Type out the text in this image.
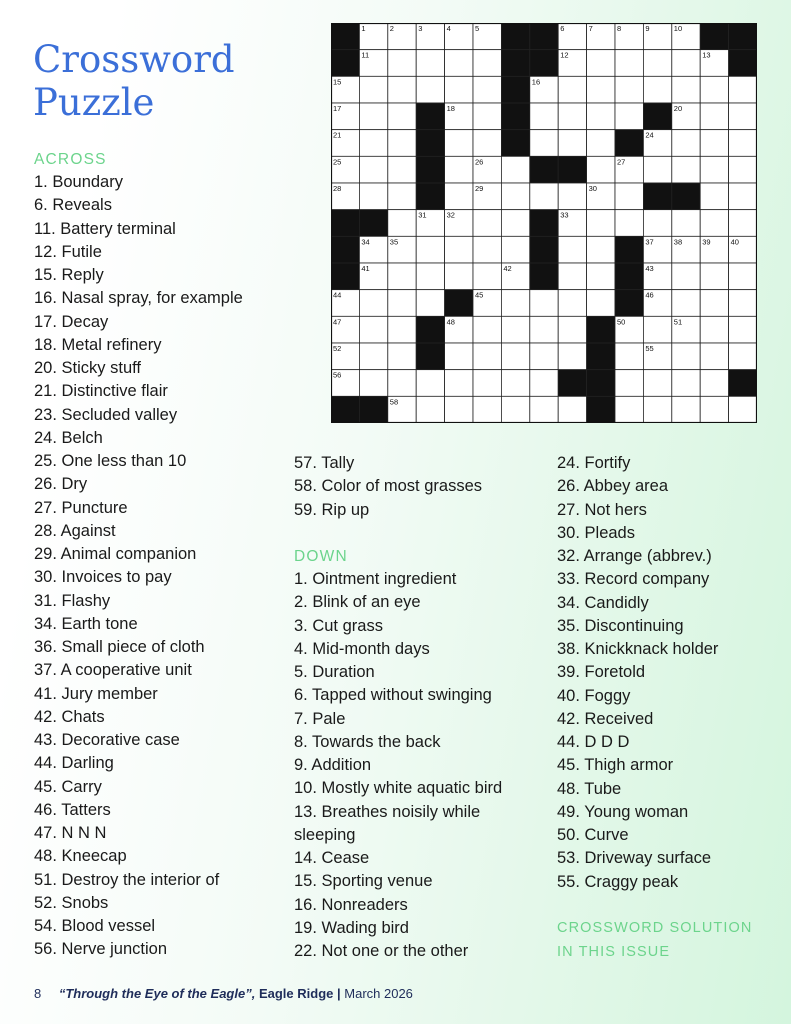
Crossword
Puzzle
1	2	3	4	5	6	7	8	9	10
11	12	13
15	16
17	18	20
21	24
25	26	27
28	29	30
31	32	33
34	35	37	38	39	40
41	42	43
44	45	46
47	48	50	51
52	55
56
58
ACROSS
1. Boundary
6. Reveals
11. Battery terminal
12. Futile
15. Reply
16. Nasal spray, for example
17. Decay
18. Metal refinery
20. Sticky stuff
21. Distinctive flair
23. Secluded valley
24. Belch
25. One less than 10
26. Dry
27. Puncture
28. Against
29. Animal companion
30. Invoices to pay
31. Flashy
34. Earth tone
36. Small piece of cloth
37. A cooperative unit
41. Jury member
42. Chats
43. Decorative case
44. Darling
45. Carry
46. Tatters
47. N N N
48. Kneecap
51. Destroy the interior of
52. Snobs
54. Blood vessel
56. Nerve junction
57. Tally
58. Color of most grasses
59. Rip up
DOWN
1. Ointment ingredient
2. Blink of an eye
3. Cut grass
4. Mid-month days
5. Duration
6. Tapped without swinging
7. Pale
8. Towards the back
9. Addition
10. Mostly white aquatic bird
13. Breathes noisily while sleeping
14. Cease
15. Sporting venue
16. Nonreaders
19. Wading bird
22. Not one or the other
24. Fortify
26. Abbey area
27. Not hers
30. Pleads
32. Arrange (abbrev.)
33. Record company
34. Candidly
35. Discontinuing
38. Knickknack holder
39. Foretold
40. Foggy
42. Received
44. D D D
45. Thigh armor
48. Tube
49. Young woman
50. Curve
53. Driveway surface
55. Craggy peak
CROSSWORD SOLUTION
IN THIS ISSUE
8 “Through the Eye of the Eagle”, Eagle Ridge | March 2026
